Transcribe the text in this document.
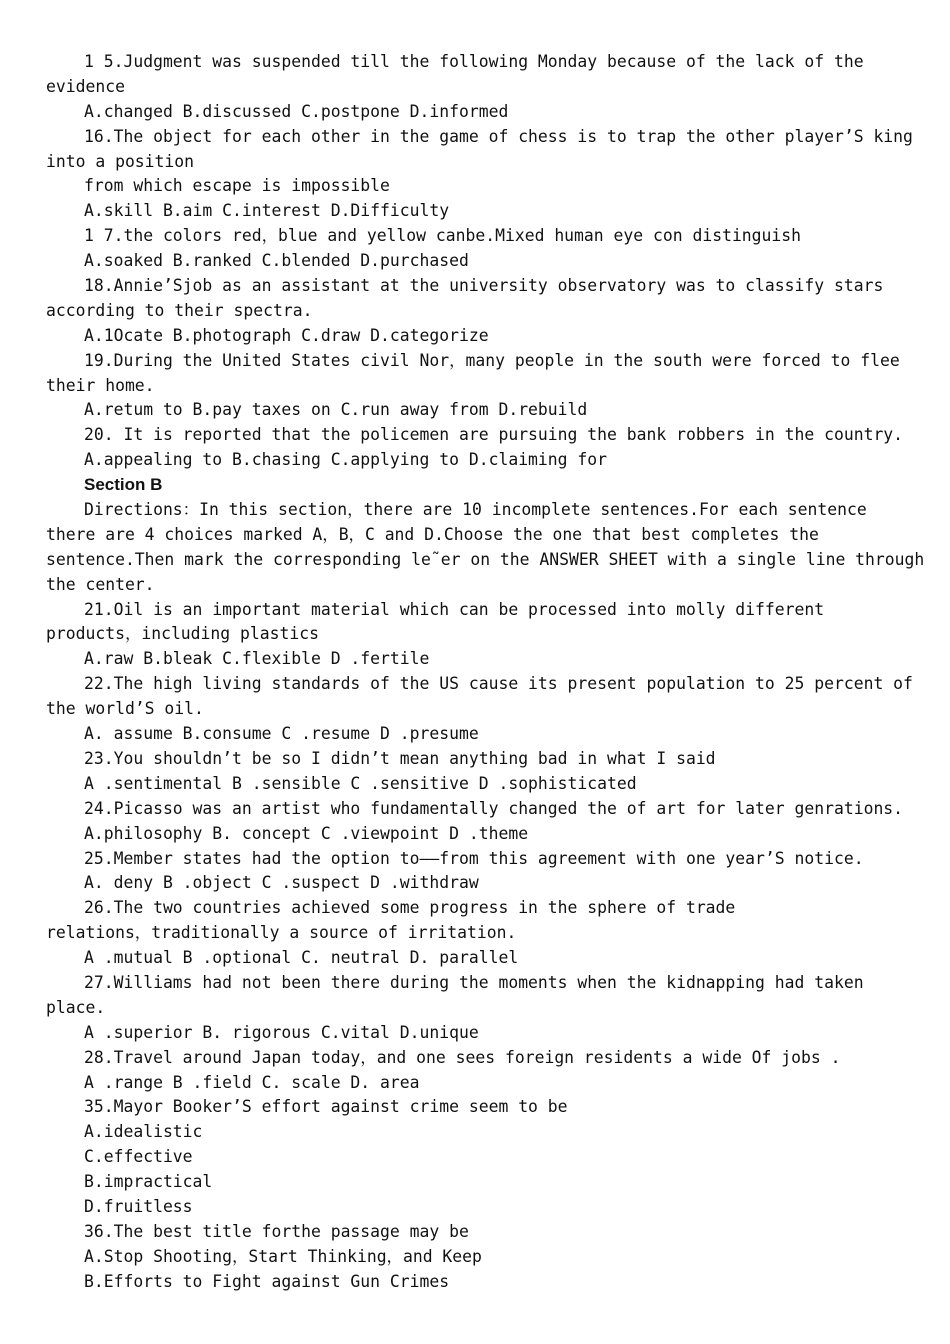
1 5.Judgment was suspended till the following Monday because of the lack of the
evidence
A.changed B.discussed C.postpone D.informed
16.The object for each other in the game of chess is to trap the other player’S king
into a position
from which escape is impossible
A.skill B.aim C.interest D.Difficulty
1 7.the colors red，blue and yellow canbe.Mixed human eye con distinguish
A.soaked B.ranked C.blended D.purchased
18.Annie’Sjob as an assistant at the university observatory was to classify stars
according to their spectra.
A.1Ocate B.photograph C.draw D.categorize
19.During the United States civil Nor，many people in the south were forced to flee
their home.
A.retum to B.pay taxes on C.run away from D.rebuild
20. It is reported that the policemen are pursuing the bank robbers in the country.
A.appealing to B.chasing C.applying to D.claiming for
Section B
Directions：In this section，there are 10 incomplete sentences.For each sentence
there are 4 choices marked A，B，C and D.Choose the one that best completes the
sentence.Then mark the corresponding le˜er on the ANSWER SHEET with a single line through
the center.
21.Oil is an important material which can be processed into molly different
products，including plastics
A.raw B.bleak C.flexible D .fertile
22.The high living standards of the US cause its present population to 25 percent of
the world’S oil.
A. assume B.consume C .resume D .presume
23.You shouldn’t be so I didn’t mean anything bad in what I said
A .sentimental B .sensible C .sensitive D .sophisticated
24.Picasso was an artist who fundamentally changed the of art for later genrations.
A.philosophy B. concept C .viewpoint D .theme
25.Member states had the option to——from this agreement with one year’S notice.
A. deny B .object C .suspect D .withdraw
26.The two countries achieved some progress in the sphere of trade
relations，traditionally a source of irritation.
A .mutual B .optional C. neutral D. parallel
27.Williams had not been there during the moments when the kidnapping had taken
place.
A .superior B. rigorous C.vital D.unique
28.Travel around Japan today，and one sees foreign residents a wide Of jobs .
A .range B .field C. scale D. area
35.Mayor Booker’S effort against crime seem to be
A.idealistic
C.effective
B.impractical
D.fruitless
36.The best title forthe passage may be
A.Stop Shooting，Start Thinking，and Keep
B.Efforts to Fight against Gun Crimes
